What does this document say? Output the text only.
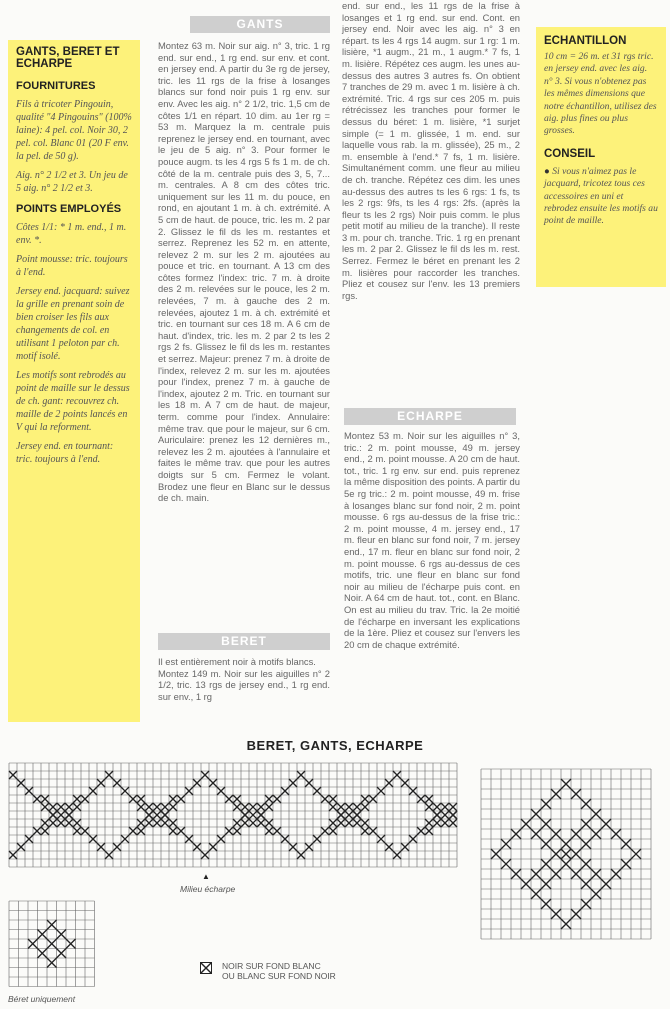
GANTS, BERET ET ECHARPE
FOURNITURES

Fils à tricoter Pingouin, qualité "4 Pingouins" (100% laine): 4 pel. col. Noir 30, 2 pel. col. Blanc 01 (20 F env. la pel. de 50 g).

Aig. n° 2 1/2 et 3. Un jeu de 5 aig. n° 2 1/2 et 3.

POINTS EMPLOYÉS

Côtes 1/1: * 1 m. end., 1 m. env. *.

Point mousse: tric. toujours à l'end.

Jersey end. jacquard: suivez la grille en prenant soin de bien croiser les fils aux changements de col. en utilisant 1 peloton par ch. motif isolé.

Les motifs sont rebrodés au point de maille sur le dessus de ch. gant: recouvrez ch. maille de 2 points lancés en V qui la reforment.

Jersey end. en tournant: tric. toujours à l'end.

GANTS
Montez 63 m. Noir sur aig. n° 3, tric. 1 rg end. sur end., 1 rg end. sur env. et cont. en jersey end. A partir du 3e rg de jersey, tric. les 11 rgs de la frise à losanges blancs sur fond noir puis 1 rg env. sur env. Avec les aig. n° 2 1/2, tric. 1,5 cm de côtes 1/1 en répart. 10 dim. au 1er rg = 53 m. Marquez la m. centrale puis reprenez le jersey end. en tournant, avec le jeu de 5 aig. n° 3. Pour former le pouce augm. ts les 4 rgs 5 fs 1 m. de ch. côté de la m. centrale puis des 3, 5, 7... m. centrales. A 8 cm des côtes tric. uniquement sur les 11 m. du pouce, en rond, en ajoutant 1 m. à ch. extrémité. A 5 cm de haut. de pouce, tric. les m. 2 par 2. Glissez le fil ds les m. restantes et serrez. Reprenez les 52 m. en attente, relevez 2 m. sur les 2 m. ajoutées au pouce et tric. en tournant. A 13 cm des côtes formez l'index: tric. 7 m. à droite des 2 m. relevées sur le pouce, les 2 m. relevées, 7 m. à gauche des 2 m. relevées, ajoutez 1 m. à ch. extrémité et tric. en tournant sur ces 18 m. A 6 cm de haut. d'index, tric. les m. 2 par 2 ts les 2 rgs 2 fs. Glissez le fil ds les m. restantes et serrez. Majeur: prenez 7 m. à droite de l'index, relevez 2 m. sur les m. ajoutées pour l'index, prenez 7 m. à gauche de l'index, ajoutez 2 m. Tric. en tournant sur les 18 m. A 7 cm de haut. de majeur, term. comme pour l'index. Annulaire: même trav. que pour le majeur, sur 6 cm. Auriculaire: prenez les 12 dernières m., relevez les 2 m. ajoutées à l'annulaire et faites le même trav. que pour les autres doigts sur 5 cm. Fermez le volant. Brodez une fleur en Blanc sur le dessus de ch. main.
BERET
Il est entièrement noir à motifs blancs.
Montez 149 m. Noir sur les aiguilles n° 2 1/2, tric. 13 rgs de jersey end., 1 rg end. sur env., 1 rg
end. sur end., les 11 rgs de la frise à losanges et 1 rg end. sur end. Cont. en jersey end. Noir avec les aig. n° 3 en répart. ts les 4 rgs 14 augm. sur 1 rg: 1 m. lisière, *1 augm., 21 m., 1 augm.* 7 fs, 1 m. lisière. Répétez ces augm. les unes au-dessus des autres 3 autres fs. On obtient 7 tranches de 29 m. avec 1 m. lisière à ch. extrémité. Tric. 4 rgs sur ces 205 m. puis rétrécissez les tranches pour former le dessus du béret: 1 m. lisière, *1 surjet simple (= 1 m. glissée, 1 m. end. sur laquelle vous rab. la m. glissée), 25 m., 2 m. ensemble à l'end.* 7 fs, 1 m. lisière. Simultanément comm. une fleur au milieu de ch. tranche. Répétez ces dim. les unes au-dessus des autres ts les 6 rgs: 1 fs, ts les 2 rgs: 9fs, ts les 4 rgs: 2fs. (après la fleur ts les 2 rgs) Noir puis comm. le plus petit motif au milieu de la tranche). Il reste 3 m. pour ch. tranche. Tric. 1 rg en prenant les m. 2 par 2. Glissez le fil ds les m. rest. Serrez. Fermez le béret en prenant les 2 m. lisières pour raccorder les tranches. Pliez et cousez sur l'env. les 13 premiers rgs.
ECHARPE
Montez 53 m. Noir sur les aiguilles n° 3, tric.: 2 m. point mousse, 49 m. jersey end., 2 m. point mousse. A 20 cm de haut. tot., tric. 1 rg env. sur end. puis reprenez la même disposition des points. A partir du 5e rg tric.: 2 m. point mousse, 49 m. frise à losanges blanc sur fond noir, 2 m. point mousse. 6 rgs au-dessus de la frise tric.: 2 m. point mousse, 4 m. jersey end., 17 m. fleur en blanc sur fond noir, 7 m. jersey end., 17 m. fleur en blanc sur fond noir, 2 m. point mousse. 6 rgs au-dessus de ces motifs, tric. une fleur en blanc sur fond noir au milieu de l'écharpe puis cont. en Noir. A 64 cm de haut. tot., cont. en Blanc. On est au milieu du trav. Tric. la 2e moitié de l'écharpe en inversant les explications de la 1ère. Pliez et cousez sur l'envers les 20 cm de chaque extrémité.
ECHANTILLON

10 cm = 26 m. et 31 rgs tric. en jersey end. avec les aig. n° 3. Si vous n'obtenez pas les mêmes dimensions que notre échantillon, utilisez des aig. plus fines ou plus grosses.

CONSEIL

● Si vous n'aimez pas le jacquard, tricotez tous ces accessoires en uni et rebrodez ensuite les motifs au point de maille.

BERET, GANTS, ECHARPE
▲
Milieu écharpe
Béret uniquement
NOIR SUR FOND BLANC
OU BLANC SUR FOND NOIR
